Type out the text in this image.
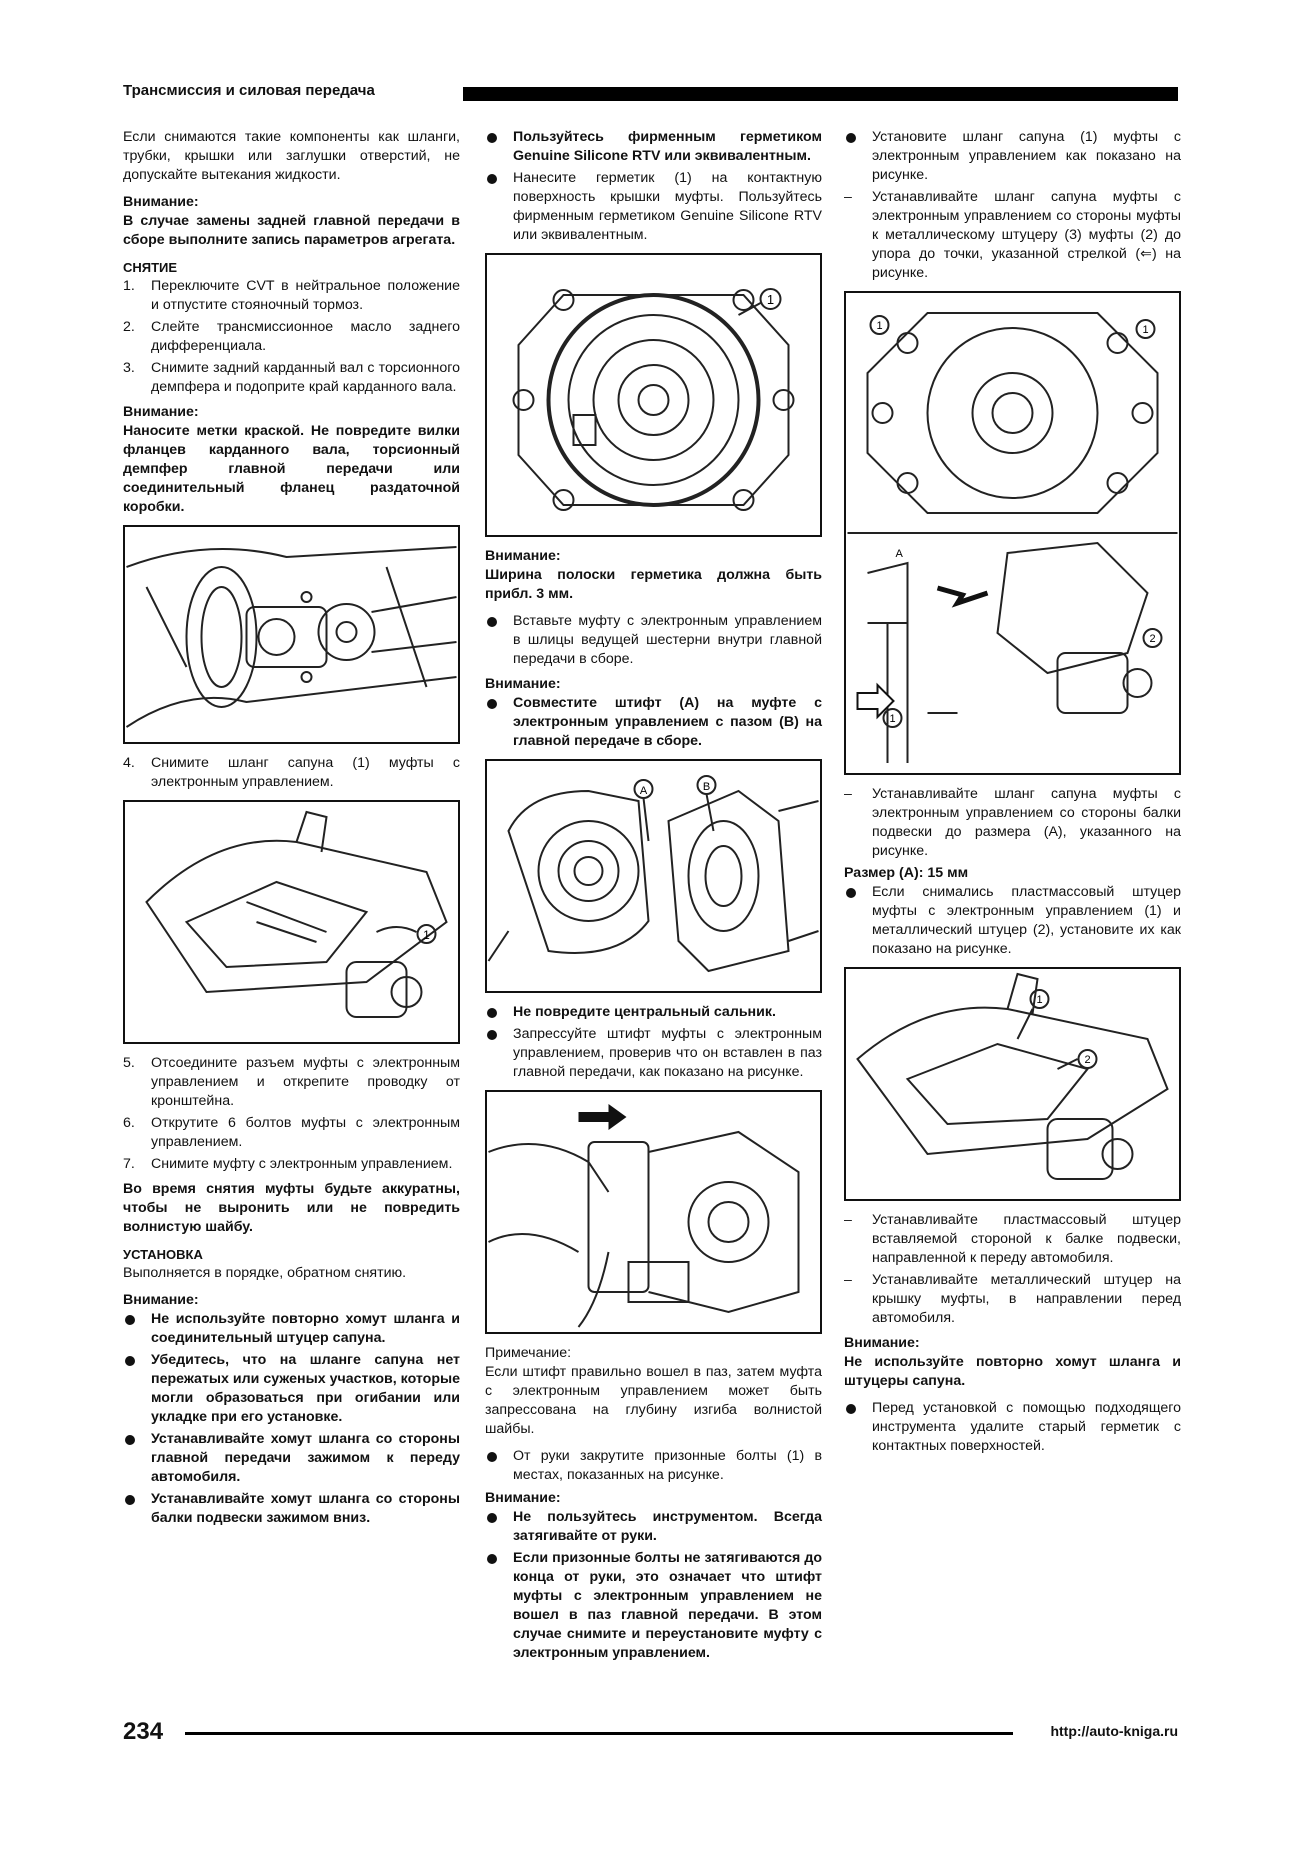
Трансмиссия и силовая передача

Если снимаются такие компоненты как шланги, трубки, крышки или заглушки отверстий, не допускайте вытекания жидкости.

Внимание:

В случае замены задней главной передачи в сборе выполните запись параметров агрегата.

СНЯТИЕ
1. Переключите CVT в нейтральное положение и отпустите стояночный тормоз.
2. Слейте трансмиссионное масло заднего дифференциала.
3. Снимите задний карданный вал с торсионного демпфера и подоприте край карданного вала.
Внимание:

Наносите метки краской. Не повредите вилки фланцев карданного вала, торсионный демпфер главной передачи или соединительный фланец раздаточной коробки.

4. Снимите шланг сапуна (1) муфты с электронным управлением.
1
5. Отсоедините разъем муфты с электронным управлением и открепите проводку от кронштейна.
6. Открутите 6 болтов муфты с электронным управлением.
7. Снимите муфту с электронным управлением.

Во время снятия муфты будьте аккуратны, чтобы не выронить или не повредить волнистую шайбу.

УСТАНОВКА

Выполняется в порядке, обратном снятию.

Внимание:
Не используйте повторно хомут шланга и соединительный штуцер сапуна.
Убедитесь, что на шланге сапуна нет пережатых или суженых участков, которые могли образоваться при огибании или укладке при его установке.
Устанавливайте хомут шланга со стороны главной передачи зажимом к переду автомобиля.
Устанавливайте хомут шланга со стороны балки подвески зажимом вниз.
Пользуйтесь фирменным герметиком Genuine Silicone RTV или эквивалентным.
Нанесите герметик (1) на контактную поверхность крышки муфты. Пользуйтесь фирменным герметиком Genuine Silicone RTV или эквивалентным.
1
Внимание:

Ширина полоски герметика должна быть прибл. 3 мм.

Вставьте муфту с электронным управлением в шлицы ведущей шестерни внутри главной передачи в сборе.
Внимание:
Совместите штифт (A) на муфте с электронным управлением с пазом (B) на главной передаче в сборе.
A	B
Не повредите центральный сальник.
Запрессуйте штифт муфты с электронным управлением, проверив что он вставлен в паз главной передачи, как показано на рисунке.
Примечание:

Если штифт правильно вошел в паз, затем муфта с электронным управлением может быть запрессована на глубину изгиба волнистой шайбы.

От руки закрутите призонные болты (1) в местах, показанных на рисунке.
Внимание:
Не пользуйтесь инструментом. Всегда затягивайте от руки.
Если призонные болты не затягиваются до конца от руки, это означает что штифт муфты с электронным управлением не вошел в паз главной передачи. В этом случае снимите и переустановите муфту с электронным управлением.
Установите шланг сапуна (1) муфты с электронным управлением как показано на рисунке.
– Устанавливайте шланг сапуна муфты с электронным управлением со стороны муфты к металлическому штуцеру (3) муфты (2) до упора до точки, указанной стрелкой (⇐) на рисунке.
1	1
A
1
2
– Устанавливайте шланг сапуна муфты с электронным управлением со стороны балки подвески до размера (A), указанного на рисунке.
Размер (A): 15 мм
Если снимались пластмассовый штуцер муфты с электронным управлением (1) и металлический штуцер (2), установите их как показано на рисунке.
1
2
– Устанавливайте пластмассовый штуцер вставляемой стороной к балке подвески, направленной к переду автомобиля.
– Устанавливайте металлический штуцер на крышку муфты, в направлении перед автомобиля.
Внимание:

Не используйте повторно хомут шланга и штуцеры сапуна.

Перед установкой с помощью подходящего инструмента удалите старый герметик с контактных поверхностей.
234	http://auto-kniga.ru
